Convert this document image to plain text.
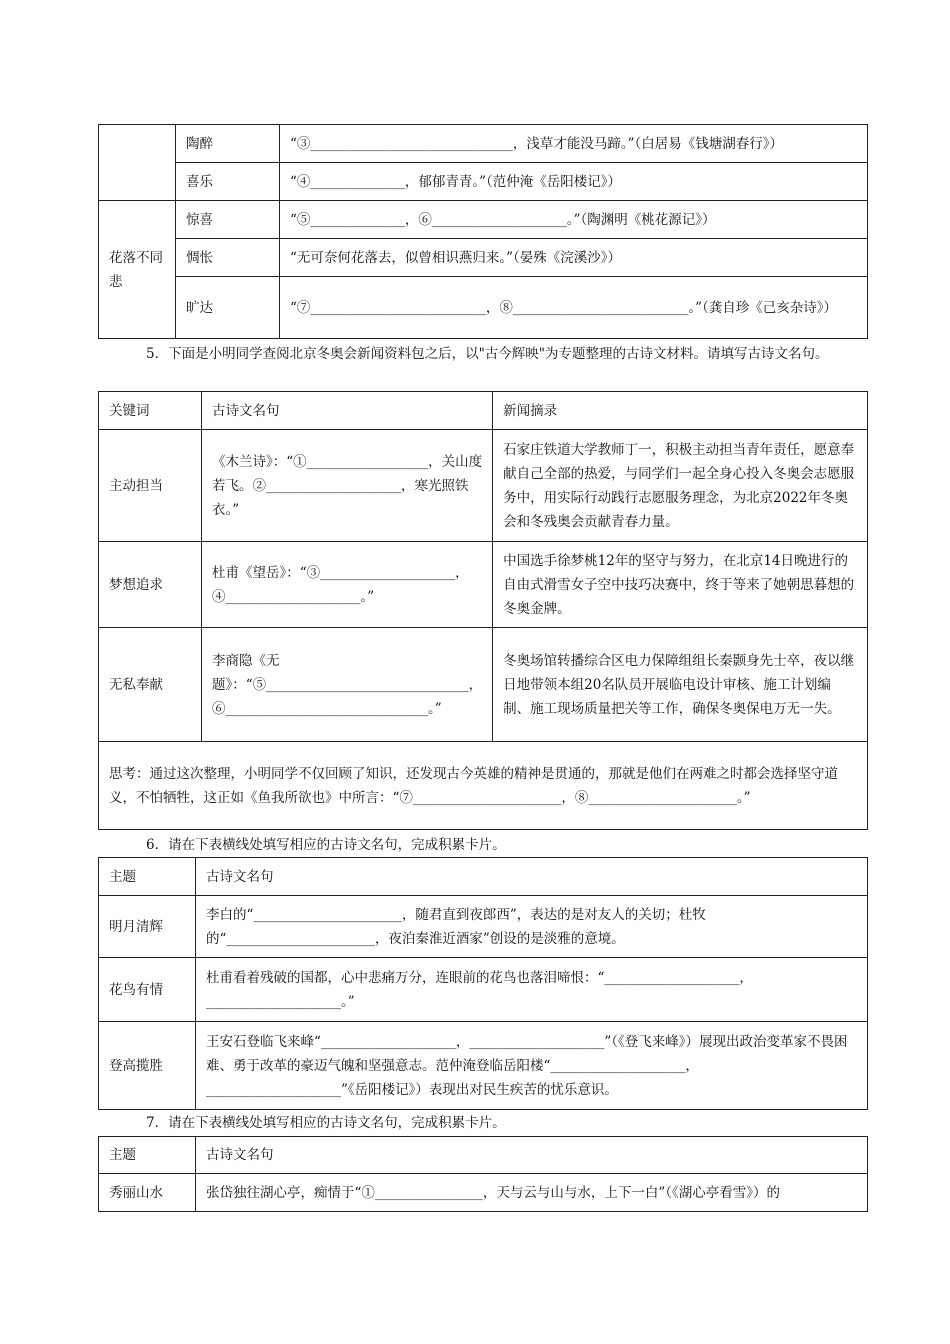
	陶醉	“③______________________________，浅草才能没马蹄。”（白居易《钱塘湖春行》）
	喜乐	“④______________，郁郁青青。”（范仲淹《岳阳楼记》）
花落不同悲	惊喜	“⑤______________，⑥____________________。”（陶渊明《桃花源记》）
	惆怅	“无可奈何花落去，似曾相识燕归来。”（晏殊《浣溪沙》）
	旷达	“⑦__________________________，⑧__________________________。”（龚自珍《己亥杂诗》）
5．下面是小明同学查阅北京冬奥会新闻资料包之后，以"古今辉映"为专题整理的古诗文材料。请填写古诗文名句。
关键词	古诗文名句	新闻摘录
主动担当	《木兰诗》：“①__________________，关山度若飞。②____________________，寒光照铁衣。”	石家庄铁道大学教师丁一，积极主动担当青年责任，愿意奉献自己全部的热爱，与同学们一起全身心投入冬奥会志愿服务中，用实际行动践行志愿服务理念，为北京2022年冬奥会和冬残奥会贡献青春力量。
梦想追求	杜甫《望岳》：“③____________________，④____________________。”	中国选手徐梦桃12年的坚守与努力，在北京14日晚进行的自由式滑雪女子空中技巧决赛中，终于等来了她朝思暮想的冬奥金牌。
无私奉献	李商隐《无题》：“⑤______________________________，⑥______________________________。”	冬奥场馆转播综合区电力保障组组长秦颢身先士卒，夜以继日地带领本组20名队员开展临电设计审核、施工计划编制、施工现场质量把关等工作，确保冬奥保电万无一失。
思考：通过这次整理，小明同学不仅回顾了知识，还发现古今英雄的精神是贯通的，那就是他们在两难之时都会选择坚守道义，不怕牺牲，这正如《鱼我所欲也》中所言：“⑦______________________，⑧______________________。”		
6．请在下表横线处填写相应的古诗文名句，完成积累卡片。
主题	古诗文名句
明月清辉	李白的“______________________，随君直到夜郎西”，表达的是对友人的关切；杜牧的“______________________，夜泊秦淮近酒家”创设的是淡雅的意境。
花鸟有情	杜甫看着残破的国都，心中悲痛万分，连眼前的花鸟也落泪啼恨：“____________________，____________________。”
登高揽胜	王安石登临飞来峰“____________________，____________________”（《登飞来峰》）展现出政治变革家不畏困难、勇于改革的豪迈气魄和坚强意志。范仲淹登临岳阳楼“____________________，____________________”《岳阳楼记》）表现出对民生疾苦的忧乐意识。
7．请在下表横线处填写相应的古诗文名句，完成积累卡片。
主题	古诗文名句
秀丽山水	张岱独往湖心亭，痴情于“①________________，天与云与山与水，上下一白”（《湖心亭看雪》）的
